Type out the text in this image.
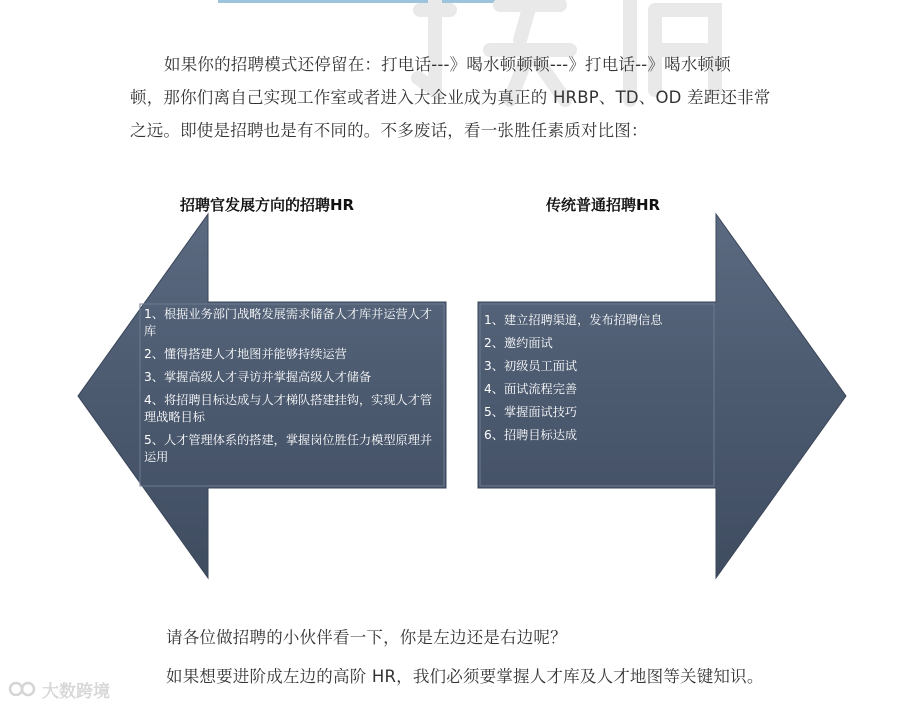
如果你的招聘模式还停留在：打电话---》喝水顿顿顿---》打电话--》喝水顿顿

顿，那你们离自己实现工作室或者进入大企业成为真正的 HRBP、TD、OD 差距还非常

之远。即使是招聘也是有不同的。不多废话，看一张胜任素质对比图：

招聘官发展方向的招聘HR	传统普通招聘HR
1、根据业务部门战略发展需求储备人才库并运营人才库
2、懂得搭建人才地图并能够持续运营
3、掌握高级人才寻访并掌握高级人才储备
4、将招聘目标达成与人才梯队搭建挂钩，实现人才管理战略目标
5、人才管理体系的搭建，掌握岗位胜任力模型原理并运用
1、建立招聘渠道，发布招聘信息
2、邀约面试
3、初级员工面试
4、面试流程完善
5、掌握面试技巧
6、招聘目标达成

请各位做招聘的小伙伴看一下，你是左边还是右边呢？

如果想要进阶成左边的高阶 HR，我们必须要掌握人才库及人才地图等关键知识。

大数跨境
